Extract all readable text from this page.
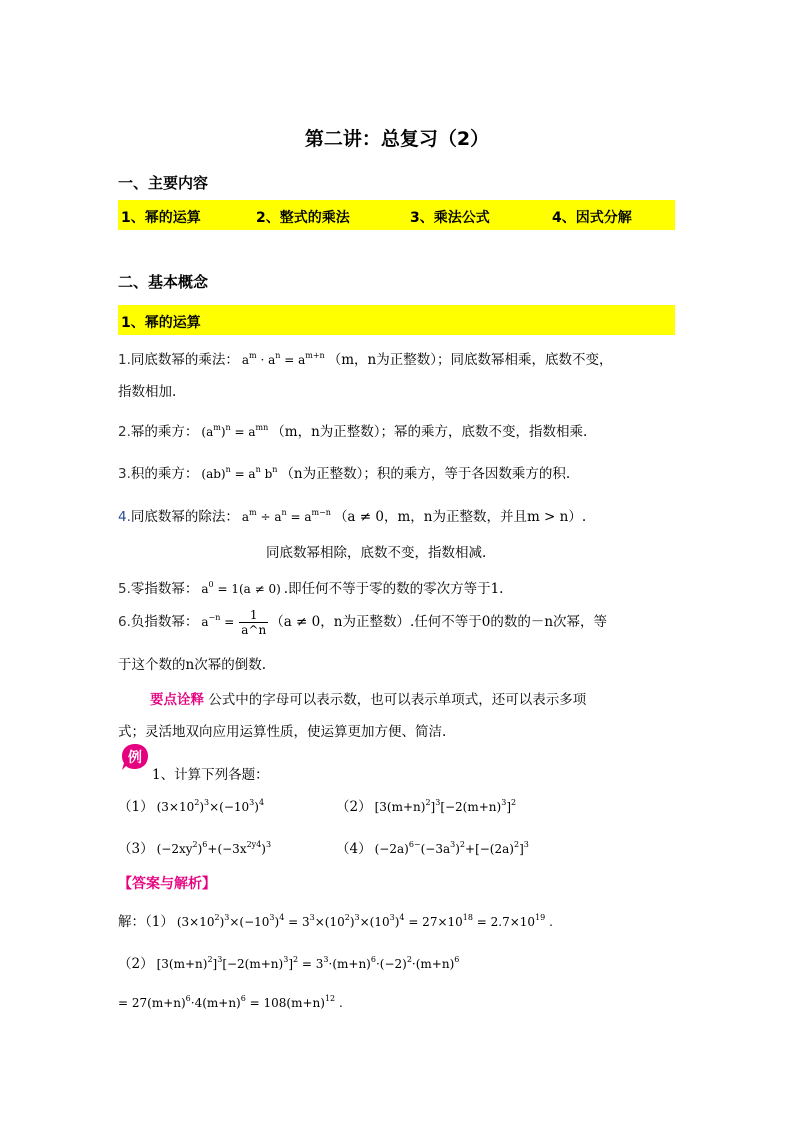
第二讲：总复习（2）
一、主要内容
1、幂的运算	2、整式的乘法	3、乘法公式	4、因式分解
二、基本概念
1、幂的运算
1.同底数幂的乘法： $a^m \cdot a^n = a^{m+n}$ （m，n为正整数）；同底数幂相乘，底数不变，
指数相加.
2.幂的乘方： $(a^m)^n = a^{mn}$ （m，n为正整数）；幂的乘方，底数不变，指数相乘.
3.积的乘方： $(ab)^n = a^n$ $b^n$ （n为正整数）；积的乘方，等于各因数乘方的积.
4.同底数幂的除法： $a^m \div a^n = a^{m-n}$ （a ≠ 0，m，n为正整数，并且m > n）.
同底数幂相除，底数不变，指数相减.
5.零指数幂： $a^0 = 1(a \ne 0)$ .即任何不等于零的数的零次方等于1.
6.负指数幂： $a^{-n} = \frac{1}{a\^{}n} (a \ne 0$，n为正整数）.任何不等于0的数的－n次幂，等
于这个数的n次幂的倒数.
要点诠释 公式中的字母可以表示数，也可以表示单项式，还可以表示多项
式；灵活地双向应用运算性质，使运算更加方便、简洁.
例
1、计算下列各题：
（1） $(3\times 10^2)^3\times(-10^3)^4$	（2） $[3(m+n)^2]^3[-2(m+n)^3]^2$
（3） $(-2xy^2)^6+(-3x^{2y4})^3$	（4） $(-2a)^{6-}(-3a^3)^2+[-(2a)^2]^3$
【答案与解析】
解：（1） $(3\times 10^2)^3\times(-10^3)^4 = 3^3\times(10^2)^3\times(10^3)^4 = 27\times 10^{18} = 2.7\times 10^{19}$ .
（2） $[3(m+n)^2]^3[-2(m+n)^3]^2 = 3^3\cdot(m+n)^6\cdot(-2)^2\cdot(m+n)^6$
= $27(m+n)^6\cdot 4(m+n)^6 = 108(m+n)^{12}$ .
